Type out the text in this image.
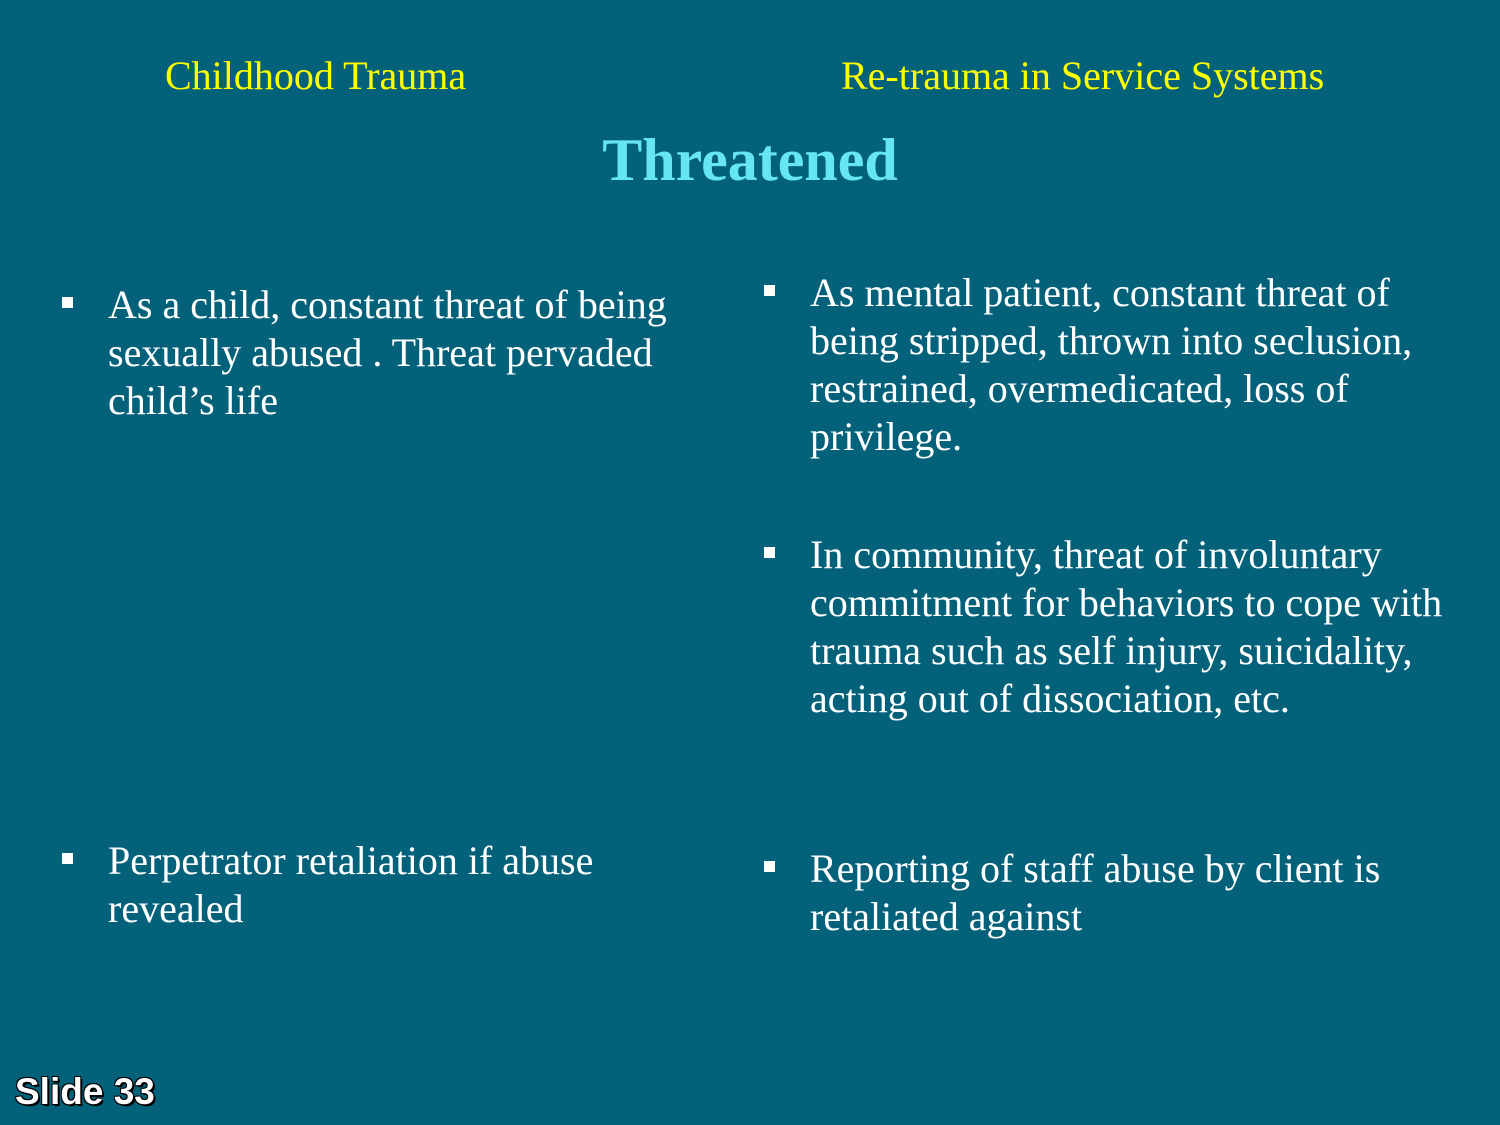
Childhood Trauma	Re-trauma in Service Systems
Threatened
As a child, constant threat of being sexually abused . Threat pervaded child’s life
Perpetrator retaliation if abuse revealed
As mental patient, constant threat of being stripped, thrown into seclusion, restrained, overmedicated, loss of privilege.
In community, threat of involuntary commitment for behaviors to cope with trauma such as self injury, suicidality, acting out of dissociation, etc.
Reporting of staff abuse by client is retaliated against
Slide 33
